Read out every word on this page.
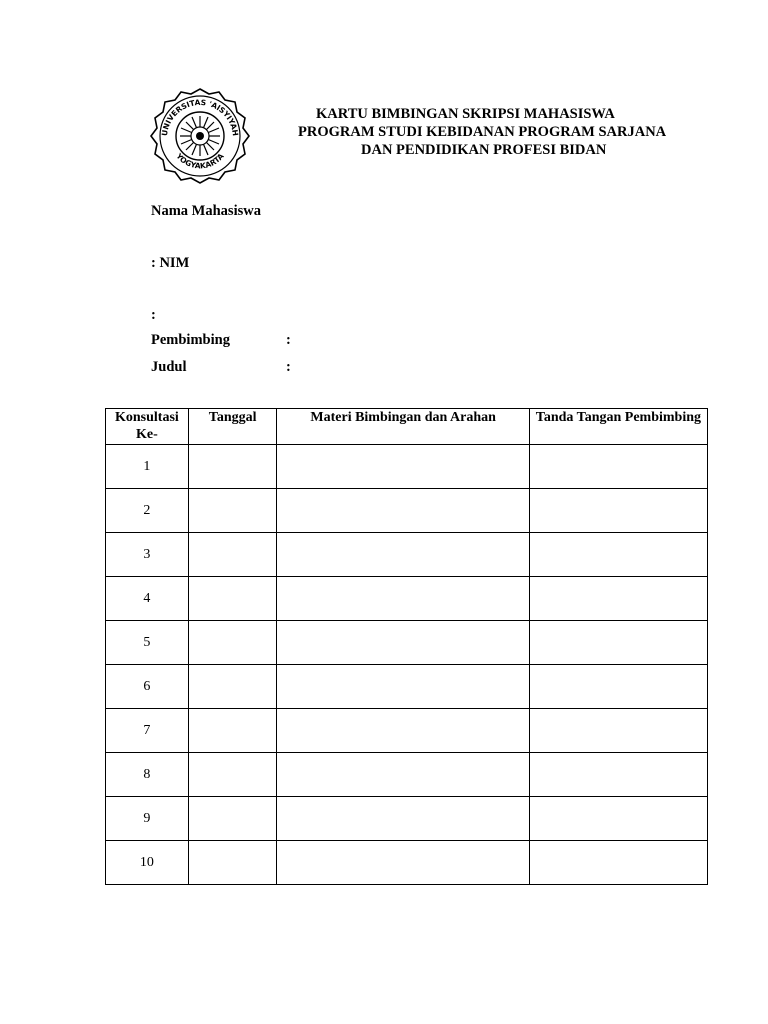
UNIVERSITAS 'AISYIYAH
YOGYAKARTA
KARTU BIMBINGAN SKRIPSI MAHASISWA
PROGRAM STUDI KEBIDANAN PROGRAM SARJANA
DAN PENDIDIKAN PROFESI BIDAN
Nama Mahasiswa
: NIM
:
Pembimbing	:
Judul	:
Konsultasi Ke-	Tanggal	Materi Bimbingan dan Arahan	Tanda Tangan Pembimbing
1			
2			
3			
4			
5			
6			
7			
8			
9			
10			
